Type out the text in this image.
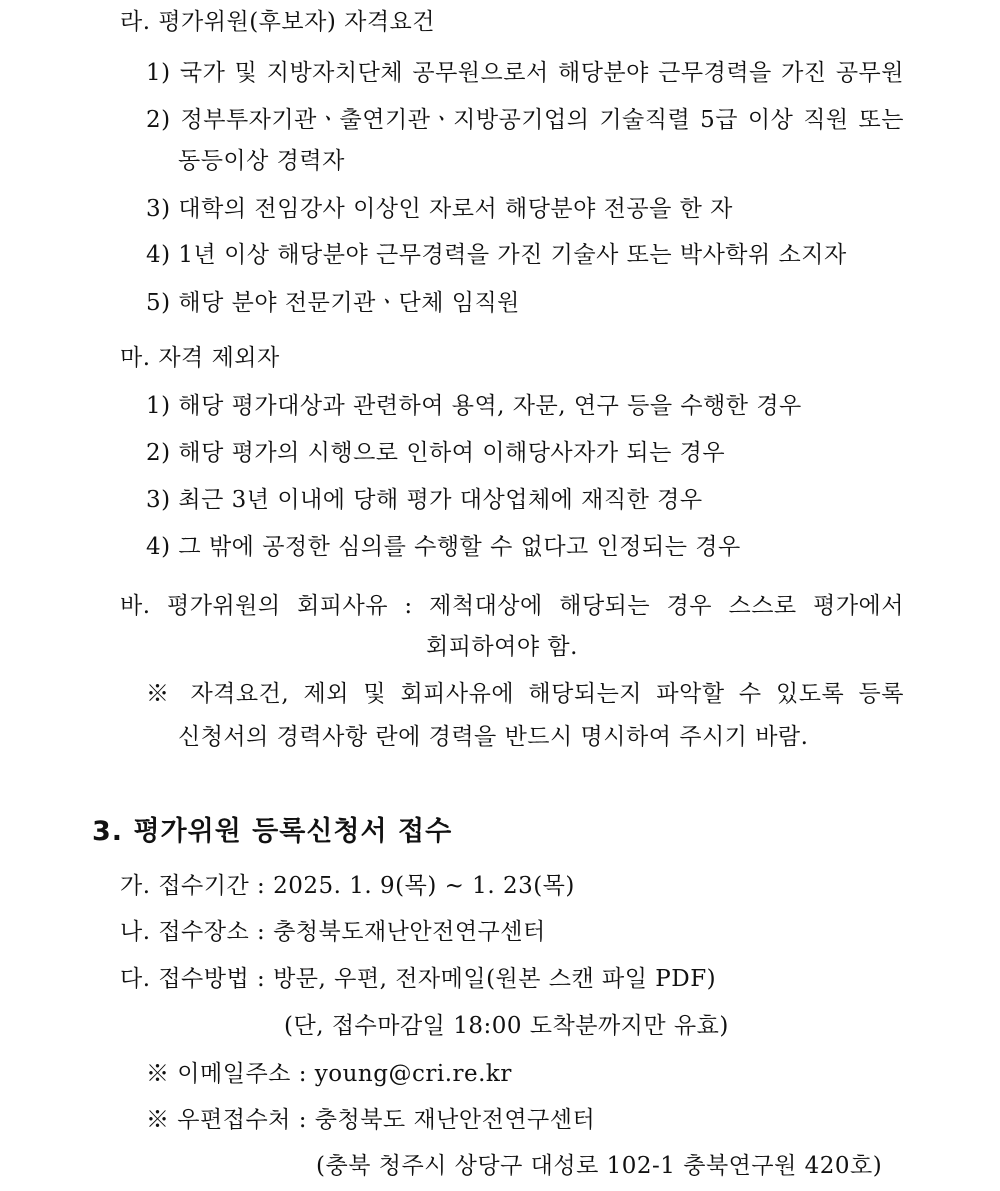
라. 평가위원(후보자) 자격요건
1) 국가 및 지방자치단체 공무원으로서 해당분야 근무경력을 가진 공무원
2) 정부투자기관ㆍ출연기관ㆍ지방공기업의 기술직렬 5급 이상 직원 또는
동등이상 경력자
3) 대학의 전임강사 이상인 자로서 해당분야 전공을 한 자
4) 1년 이상 해당분야 근무경력을 가진 기술사 또는 박사학위 소지자
5) 해당 분야 전문기관ㆍ단체 임직원
마. 자격 제외자
1) 해당 평가대상과 관련하여 용역, 자문, 연구 등을 수행한 경우
2) 해당 평가의 시행으로 인하여 이해당사자가 되는 경우
3) 최근 3년 이내에 당해 평가 대상업체에 재직한 경우
4) 그 밖에 공정한 심의를 수행할 수 없다고 인정되는 경우
바. 평가위원의 회피사유 : 제척대상에 해당되는 경우 스스로 평가에서
회피하여야 함.
※ 자격요건, 제외 및 회피사유에 해당되는지 파악할 수 있도록 등록
신청서의 경력사항 란에 경력을 반드시 명시하여 주시기 바람.
3. 평가위원 등록신청서 접수
가. 접수기간 : 2025. 1. 9(목) ~ 1. 23(목)
나. 접수장소 : 충청북도재난안전연구센터
다. 접수방법 : 방문, 우편, 전자메일(원본 스캔 파일 PDF)
(단, 접수마감일 18:00 도착분까지만 유효)
※ 이메일주소 : young@cri.re.kr
※ 우편접수처 : 충청북도 재난안전연구센터
(충북 청주시 상당구 대성로 102-1 충북연구원 420호)
